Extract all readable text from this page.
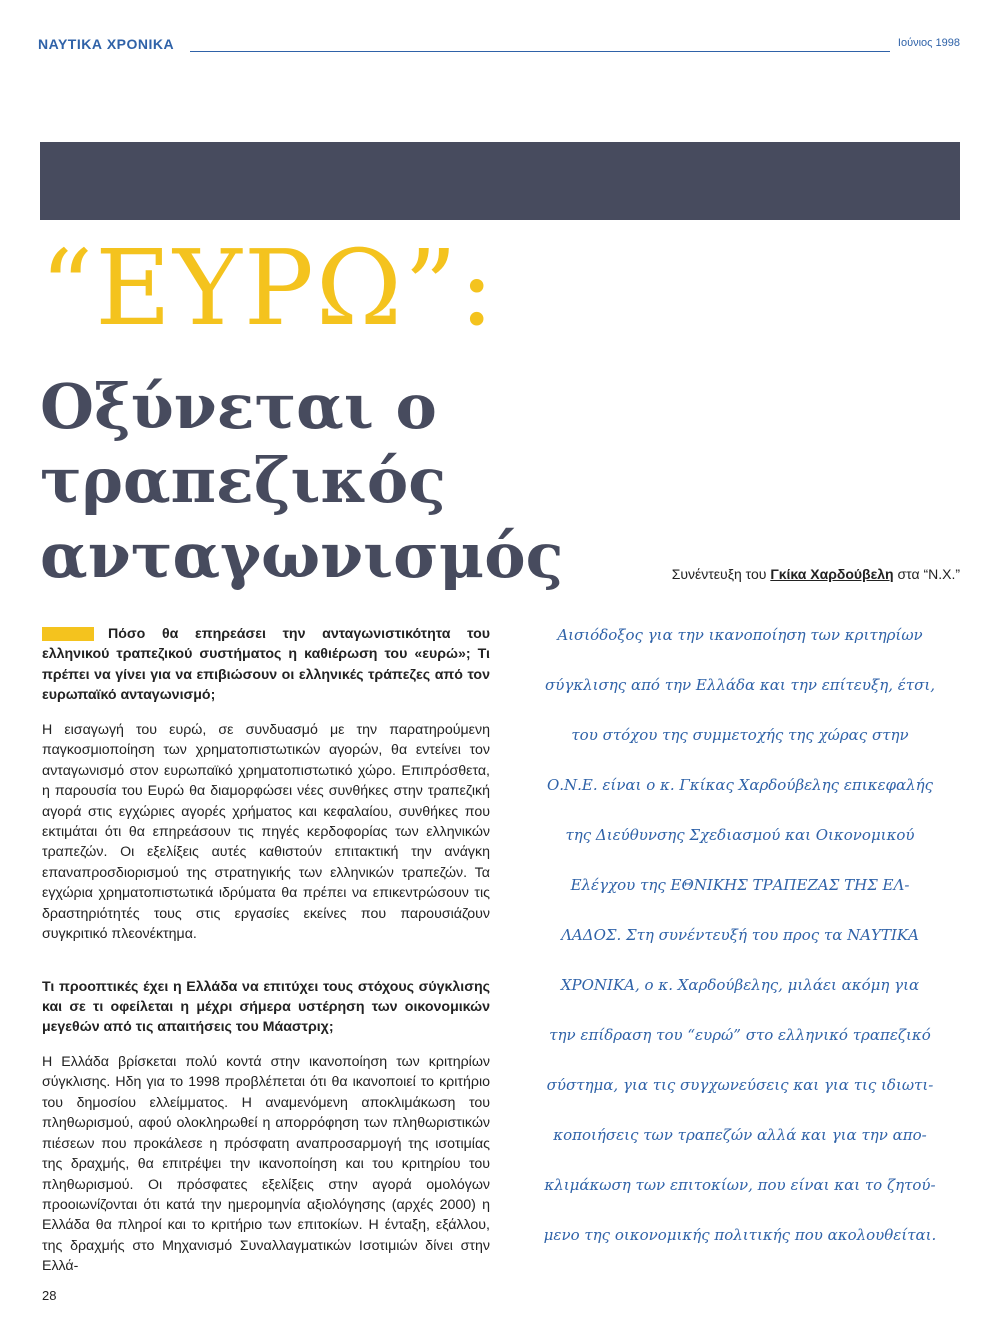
ΝΑΥΤΙΚΑ ΧΡΟΝΙΚΑ	Ιούνιος 1998
“ΕΥΡΩ”:
Οξύνεται ο
τραπεζικός ανταγωνισμός	Συνέντευξη του Γκίκα Χαρδούβελη στα “Ν.Χ.”
Πόσο θα επηρεάσει την ανταγωνιστικότητα του ελληνικού τραπεζικού συστήματος η καθιέρωση του «ευρώ»; Τι πρέπει να γίνει για να επιβιώσουν οι ελληνικές τράπεζες από τον ευρωπαϊκό ανταγωνισμό;

Η εισαγωγή του ευρώ, σε συνδυασμό με την παρατηρούμενη παγκοσμιοποίηση των χρηματοπιστωτικών αγορών, θα εντείνει τον ανταγωνισμό στον ευρωπαϊκό χρηματοπιστωτικό χώρο. Επιπρόσθετα, η παρουσία του Ευρώ θα διαμορφώσει νέες συνθήκες στην τραπεζική αγορά στις εγχώριες αγορές χρήματος και κεφαλαίου, συνθήκες που εκτιμάται ότι θα επηρεάσουν τις πηγές κερδοφορίας των ελληνικών τραπεζών. Οι εξελίξεις αυτές καθιστούν επιτακτική την ανάγκη επαναπροσδιορισμού της στρατηγικής των ελληνικών τραπεζών. Τα εγχώρια χρηματοπιστωτικά ιδρύματα θα πρέπει να επικεντρώσουν τις δραστηριότητές τους στις εργασίες εκείνες που παρουσιάζουν συγκριτικό πλεονέκτημα.

Τι προοπτικές έχει η Ελλάδα να επιτύχει τους στόχους σύγκλισης και σε τι οφείλεται η μέχρι σήμερα υστέρηση των οικονομικών μεγεθών από τις απαιτήσεις του Μάαστριχ;

Η Ελλάδα βρίσκεται πολύ κοντά στην ικανοποίηση των κριτηρίων σύγκλισης. Ηδη για το 1998 προβλέπεται ότι θα ικανοποιεί το κριτήριο του δημοσίου ελλείμματος. Η αναμενόμενη αποκλιμάκωση του πληθωρισμού, αφού ολοκληρωθεί η απορρόφηση των πληθωριστικών πιέσεων που προκάλεσε η πρόσφατη αναπροσαρμογή της ισοτιμίας της δραχμής, θα επιτρέψει την ικανοποίηση και του κριτηρίου του πληθωρισμού. Οι πρόσφατες εξελίξεις στην αγορά ομολόγων προοιωνίζονται ότι κατά την ημερομηνία αξιολόγησης (αρχές 2000) η Ελλάδα θα πληροί και το κριτήριο των επιτοκίων. Η ένταξη, εξάλλου, της δραχμής στο Μηχανισμό Συναλλαγματικών Ισοτιμιών δίνει στην Ελλά-

Αισιόδοξος για την ικανοποίηση των κριτηρίων
σύγκλισης από την Ελλάδα και την επίτευξη, έτσι,
του στόχου της συμμετοχής της χώρας στην
Ο.Ν.Ε. είναι ο κ. Γκίκας Χαρδούβελης επικεφαλής
της Διεύθυνσης Σχεδιασμού και Οικονομικού
Ελέγχου της ΕΘΝΙΚΗΣ ΤΡΑΠΕΖΑΣ ΤΗΣ ΕΛ-
ΛΑΔΟΣ. Στη συνέντευξή του προς τα ΝΑΥΤΙΚΑ
ΧΡΟΝΙΚΑ, ο κ. Χαρδούβελης, μιλάει ακόμη για
την επίδραση του “ευρώ” στο ελληνικό τραπεζικό
σύστημα, για τις συγχωνεύσεις και για τις ιδιωτι-
κοποιήσεις των τραπεζών αλλά και για την απο-
κλιμάκωση των επιτοκίων, που είναι και το ζητού-
μενο της οικονομικής πολιτικής που ακολουθείται.
28
